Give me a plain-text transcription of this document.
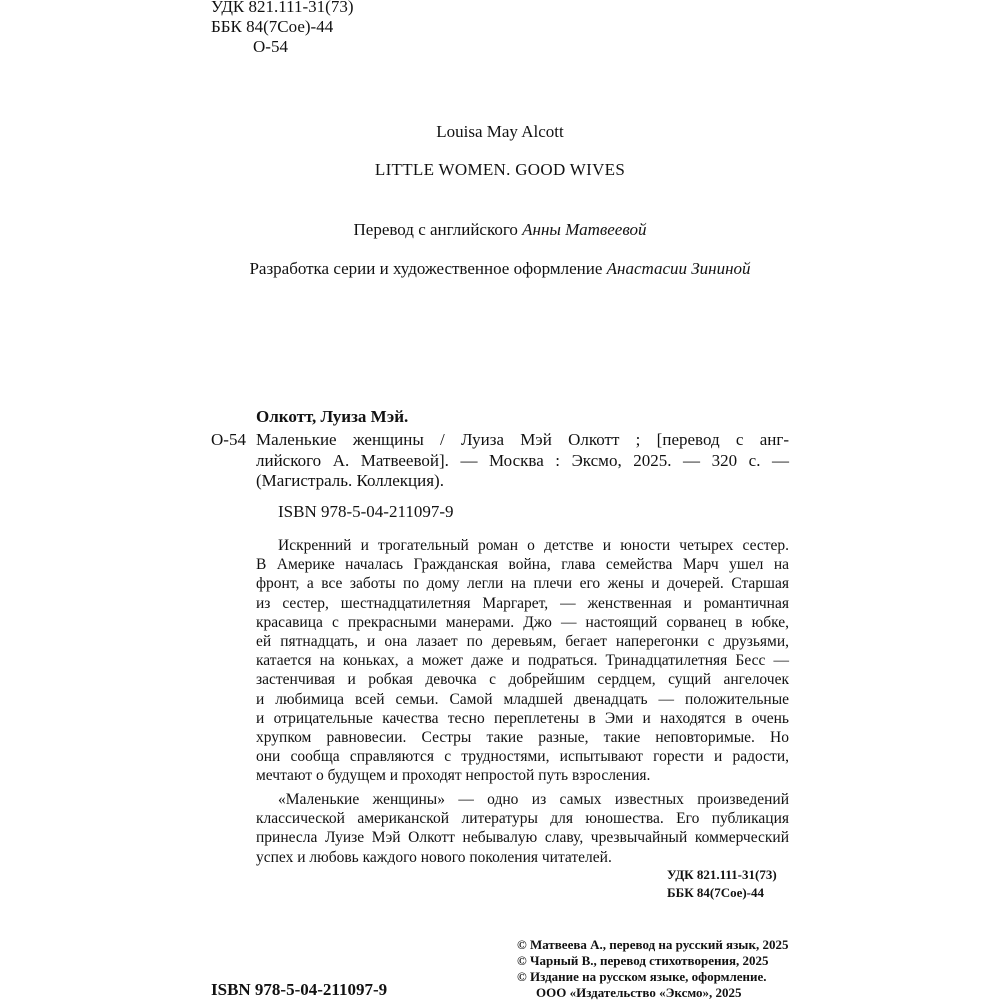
УДК 821.111-31(73)
ББК 84(7Сое)-44
О-54
Louisa May Alcott
LITTLE WOMEN. GOOD WIVES
Перевод с английского Анны Матвеевой
Разработка серии и художественное оформление Анастасии Зининой
Олкотт, Луиза Мэй.
О-54 Маленькие женщины / Луиза Мэй Олкотт ; [перевод с анг-
лийского А. Матвеевой]. — Москва : Эксмо, 2025. — 320 с. —
(Магистраль. Коллекция).
ISBN 978-5-04-211097-9
Искренний и трогательный роман о детстве и юности четырех сестер.
В Америке началась Гражданская война, глава семейства Марч ушел на
фронт, а все заботы по дому легли на плечи его жены и дочерей. Старшая
из сестер, шестнадцатилетняя Маргарет, — женственная и романтичная
красавица с прекрасными манерами. Джо — настоящий сорванец в юбке,
ей пятнадцать, и она лазает по деревьям, бегает наперегонки с друзьями,
катается на коньках, а может даже и подраться. Тринадцатилетняя Бесс —
застенчивая и робкая девочка с добрейшим сердцем, сущий ангелочек
и любимица всей семьи. Самой младшей двенадцать — положительные
и отрицательные качества тесно переплетены в Эми и находятся в очень
хрупком равновесии. Сестры такие разные, такие неповторимые. Но
они сообща справляются с трудностями, испытывают горести и радости,
мечтают о будущем и проходят непростой путь взросления.
«Маленькие женщины» — одно из самых известных произведений
классической американской литературы для юношества. Его публикация
принесла Луизе Мэй Олкотт небывалую славу, чрезвычайный коммерческий
успех и любовь каждого нового поколения читателей.
УДК 821.111-31(73)
ББК 84(7Сое)-44
© Матвеева А., перевод на русский язык, 2025
© Чарный В., перевод стихотворения, 2025
© Издание на русском языке, оформление.
ООО «Издательство «Эксмо», 2025
ISBN 978-5-04-211097-9
